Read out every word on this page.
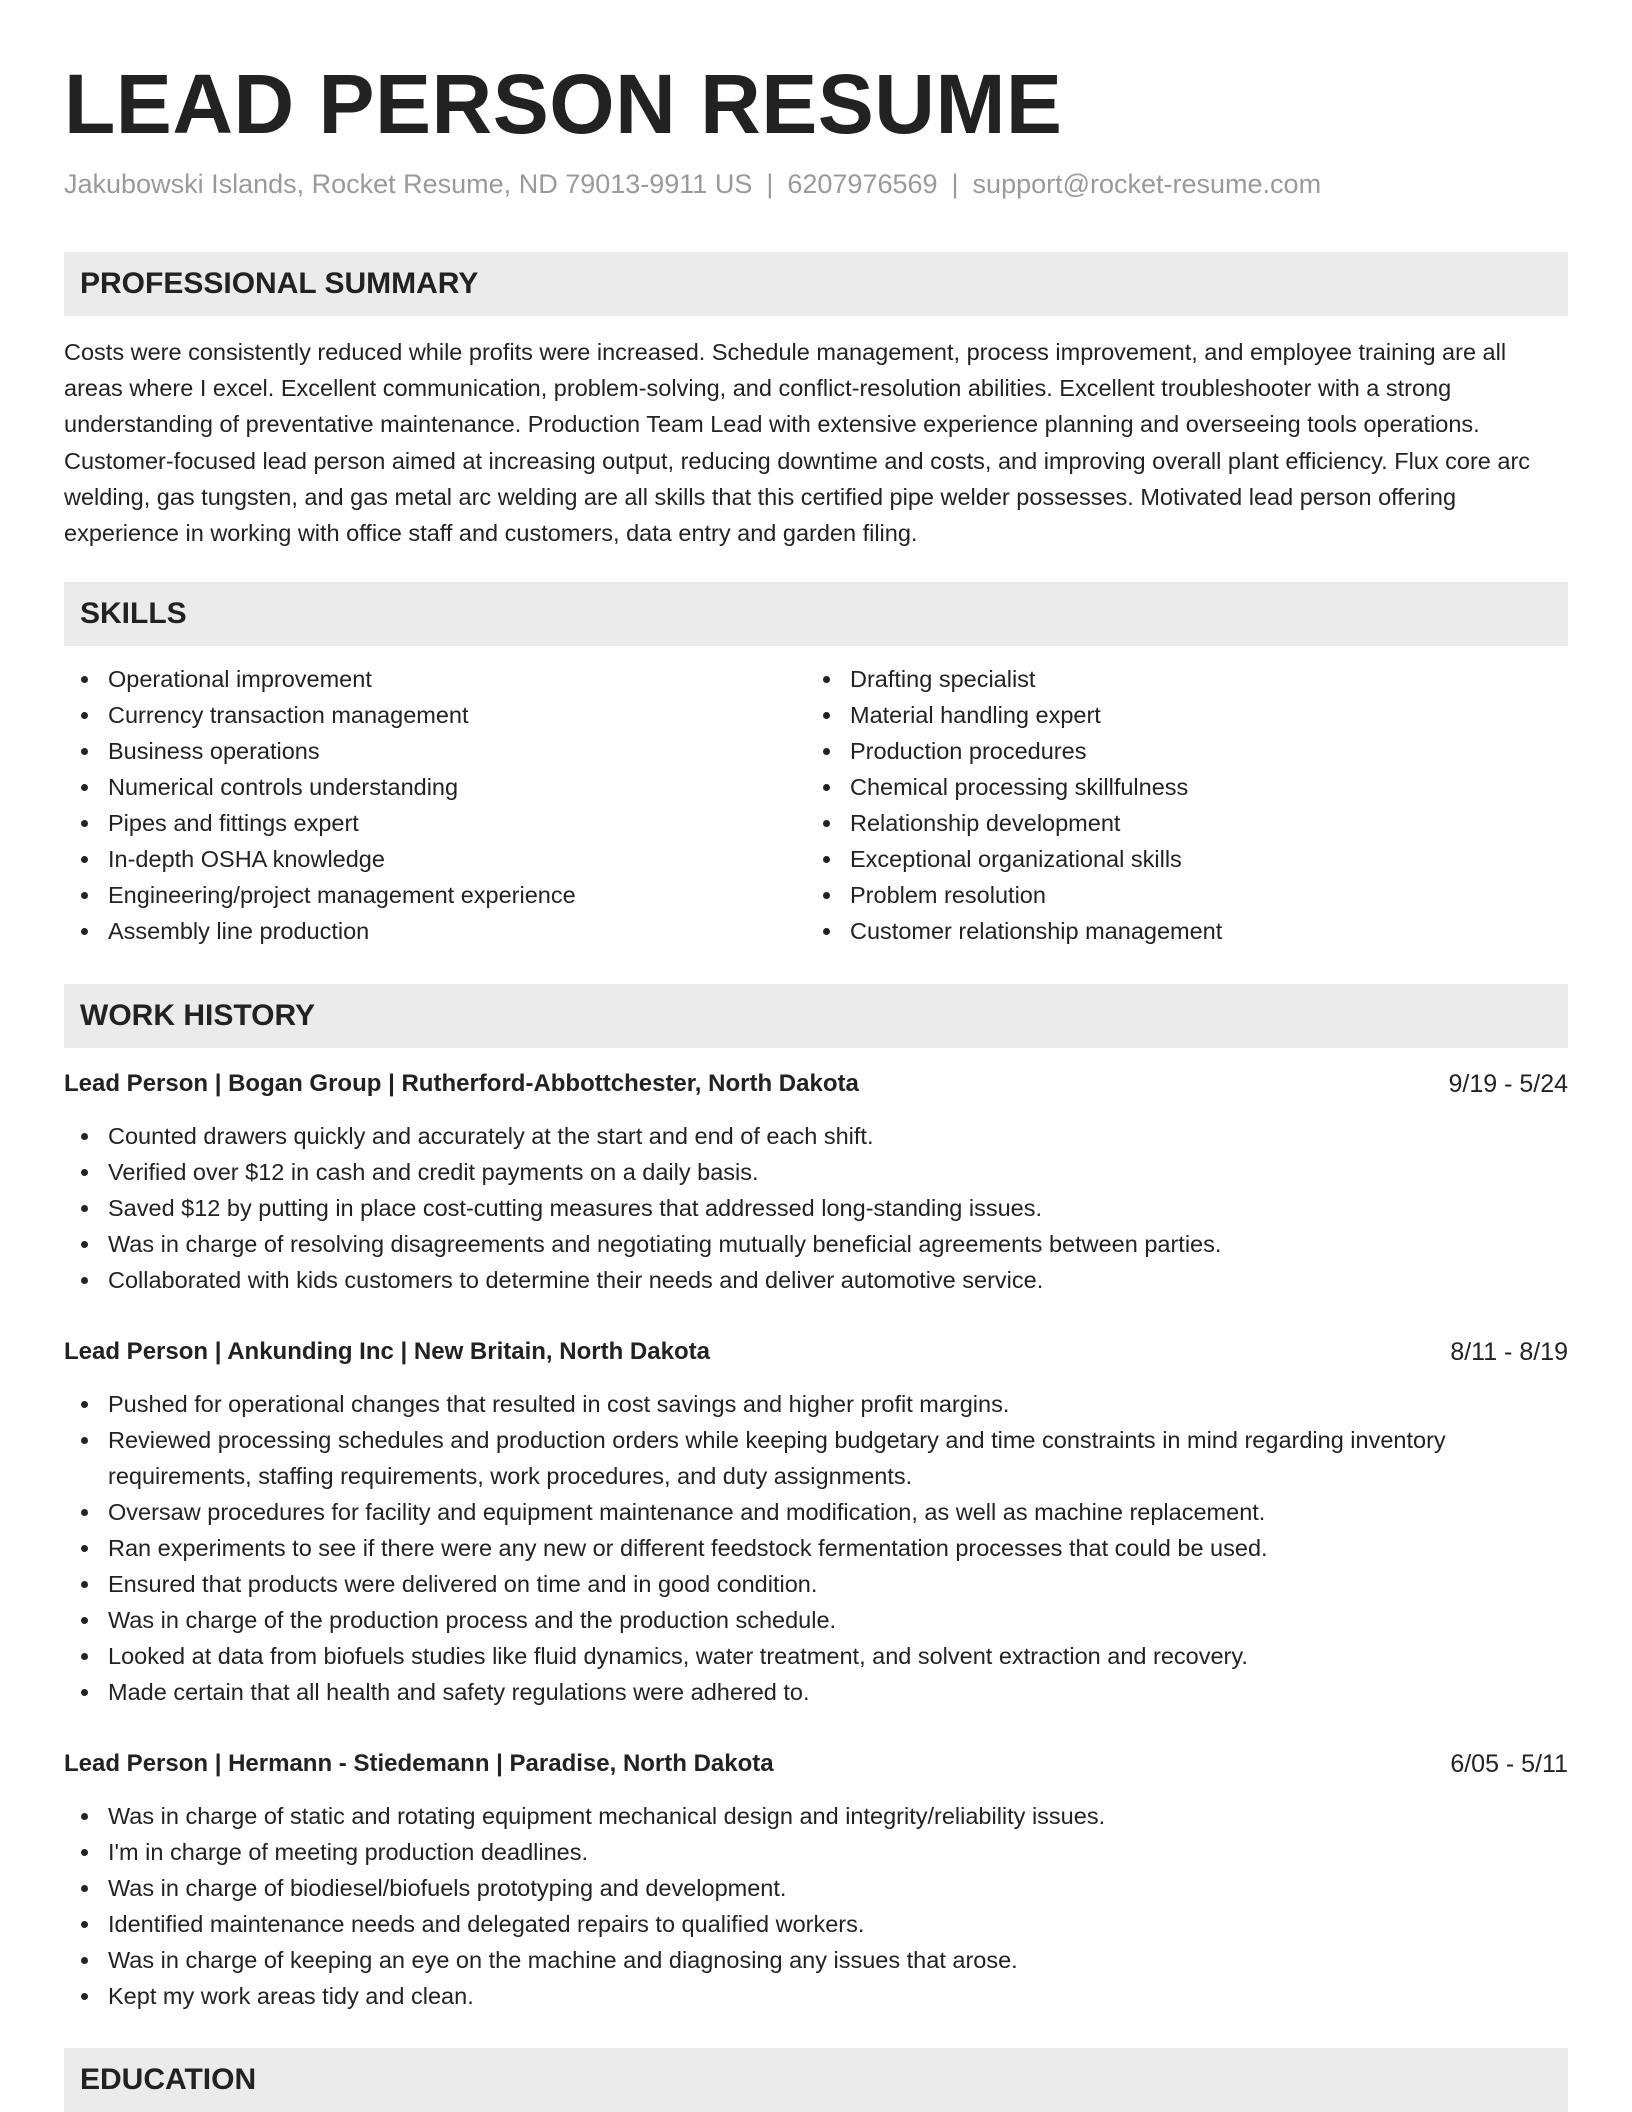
LEAD PERSON RESUME
Jakubowski Islands, Rocket Resume, ND 79013-9911 US | 6207976569 | support@rocket-resume.com
PROFESSIONAL SUMMARY

Costs were consistently reduced while profits were increased. Schedule management, process improvement, and employee training are all areas where I excel. Excellent communication, problem-solving, and conflict-resolution abilities. Excellent troubleshooter with a strong understanding of preventative maintenance. Production Team Lead with extensive experience planning and overseeing tools operations. Customer-focused lead person aimed at increasing output, reducing downtime and costs, and improving overall plant efficiency. Flux core arc welding, gas tungsten, and gas metal arc welding are all skills that this certified pipe welder possesses. Motivated lead person offering experience in working with office staff and customers, data entry and garden filing.

SKILLS
Operational improvement
Currency transaction management
Business operations
Numerical controls understanding
Pipes and fittings expert
In-depth OSHA knowledge
Engineering/project management experience
Assembly line production
Drafting specialist
Material handling expert
Production procedures
Chemical processing skillfulness
Relationship development
Exceptional organizational skills
Problem resolution
Customer relationship management
WORK HISTORY
Lead Person | Bogan Group | Rutherford-Abbottchester, North Dakota	9/19 - 5/24
Counted drawers quickly and accurately at the start and end of each shift.
Verified over $12 in cash and credit payments on a daily basis.
Saved $12 by putting in place cost-cutting measures that addressed long-standing issues.
Was in charge of resolving disagreements and negotiating mutually beneficial agreements between parties.
Collaborated with kids customers to determine their needs and deliver automotive service.
Lead Person | Ankunding Inc | New Britain, North Dakota	8/11 - 8/19
Pushed for operational changes that resulted in cost savings and higher profit margins.
Reviewed processing schedules and production orders while keeping budgetary and time constraints in mind regarding inventory requirements, staffing requirements, work procedures, and duty assignments.
Oversaw procedures for facility and equipment maintenance and modification, as well as machine replacement.
Ran experiments to see if there were any new or different feedstock fermentation processes that could be used.
Ensured that products were delivered on time and in good condition.
Was in charge of the production process and the production schedule.
Looked at data from biofuels studies like fluid dynamics, water treatment, and solvent extraction and recovery.
Made certain that all health and safety regulations were adhered to.
Lead Person | Hermann - Stiedemann | Paradise, North Dakota	6/05 - 5/11
Was in charge of static and rotating equipment mechanical design and integrity/reliability issues.
I'm in charge of meeting production deadlines.
Was in charge of biodiesel/biofuels prototyping and development.
Identified maintenance needs and delegated repairs to qualified workers.
Was in charge of keeping an eye on the machine and diagnosing any issues that arose.
Kept my work areas tidy and clean.
EDUCATION
